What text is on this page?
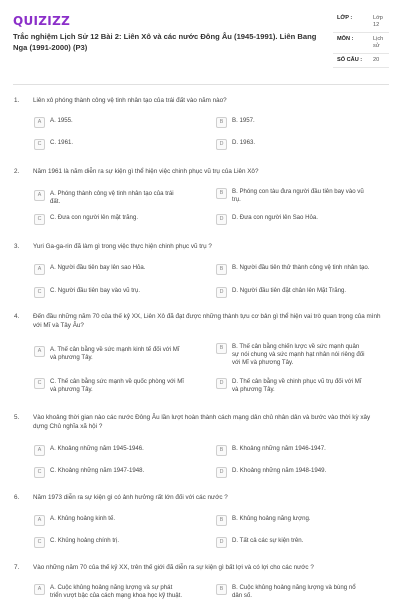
QUIZIZZ
Trắc nghiệm Lịch Sử 12 Bài 2: Liên Xô và các nước Đông Âu (1945-1991). Liên Bang Nga (1991-2000) (P3)
LỚP :	Lớp 12
MÔN :	Lịch sử
SỐ CÂU : 20
1. Liên xô phóng thành công vệ tinh nhân tạo của trái đất vào năm nào?
A	A. 1955.	B	B. 1957.
C	C. 1961.	D	D. 1963.
2. Năm 1961 là năm diễn ra sự kiện gì thể hiện việc chinh phục vũ trụ của Liên Xô?
A	A. Phóng thành công vệ tinh nhân tạo của trái đất.
B	B. Phóng con tàu đưa người đầu tiên bay vào vũ trụ.
C	C. Đưa con người lên mặt trăng.	D	D. Đưa con người lên Sao Hỏa.
3. Yuri Ga-ga-rin đã làm gì trong việc thực hiện chinh phục vũ trụ ?
A	A. Người đầu tiên bay lên sao Hỏa.	B	B. Người đầu tiên thử thành công vệ tinh nhân tạo.
C	C. Người đầu tiên bay vào vũ trụ.	D	D. Người đầu tiên đặt chân lên Mặt Trăng.
4. Đến đầu những năm 70 của thế kỷ XX, Liên Xô đã đạt được những thành tựu cơ bản gì thể hiện vai trò quan trọng của mình với Mĩ và Tây Âu?
A	A. Thế cân bằng về sức mạnh kinh tế đối với Mĩ và phương Tây.
B	B. Thế cân bằng chiến lược về sức mạnh quân sự nói chung và sức mạnh hạt nhân nói riêng đối với Mĩ và phương Tây.
C	C. Thế cân bằng sức mạnh về quốc phòng với Mĩ và phương Tây.
D	D. Thế cân bằng về chinh phục vũ trụ đối với Mĩ và phương Tây.
5. Vào khoảng thời gian nào các nước Đông Âu lần lượt hoàn thành cách mạng dân chủ nhân dân và bước vào thời kỳ xây dựng Chủ nghĩa xã hội ?
A	A. Khoảng những năm 1945-1946.	B	B. Khoảng những năm 1946-1947.
C	C. Khoảng những năm 1947-1948.	D	D. Khoảng những năm 1948-1949.
6. Năm 1973 diễn ra sự kiện gì có ảnh hưởng rất lớn đối với các nước ?
A	A. Khủng hoảng kinh tế.	B	B. Khủng hoảng năng lượng.
C	C. Khủng hoảng chính trị.	D	D. Tất cả các sự kiện trên.
7. Vào những năm 70 của thế kỷ XX, trên thế giới đã diễn ra sự kiện gì bất lợi và có lợi cho các nước ?
A	A. Cuộc khủng hoảng năng lượng và sự phát triển vượt bậc của cách mạng khoa học kỹ thuật.
B	B. Cuộc khủng hoảng năng lượng và bùng nổ dân số.
